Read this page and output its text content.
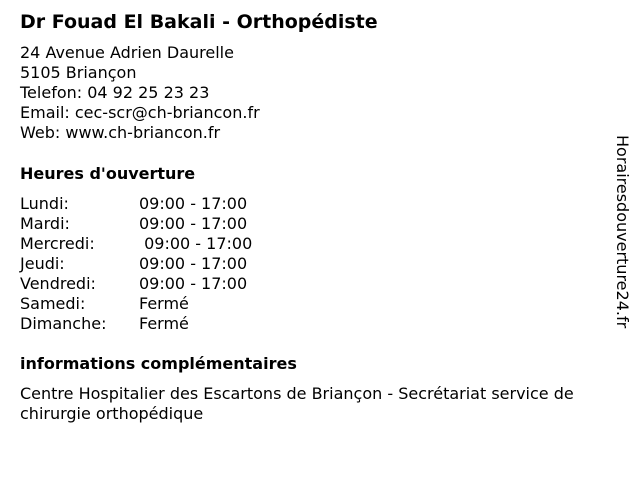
Dr Fouad El Bakali - Orthopédiste
24 Avenue Adrien Daurelle
5105 Briançon
Telefon: 04 92 25 23 23
Email: cec-scr@ch-briancon.fr
Web: www.ch-briancon.fr
Heures d'ouverture
Lundi:	09:00 - 17:00
Mardi:	09:00 - 17:00
Mercredi:	09:00 - 17:00
Jeudi:	09:00 - 17:00
Vendredi:	09:00 - 17:00
Samedi:	Fermé
Dimanche:	Fermé
informations complémentaires
Centre Hospitalier des Escartons de Briançon - Secrétariat service de chirurgie orthopédique
Horairesdouverture24.fr
